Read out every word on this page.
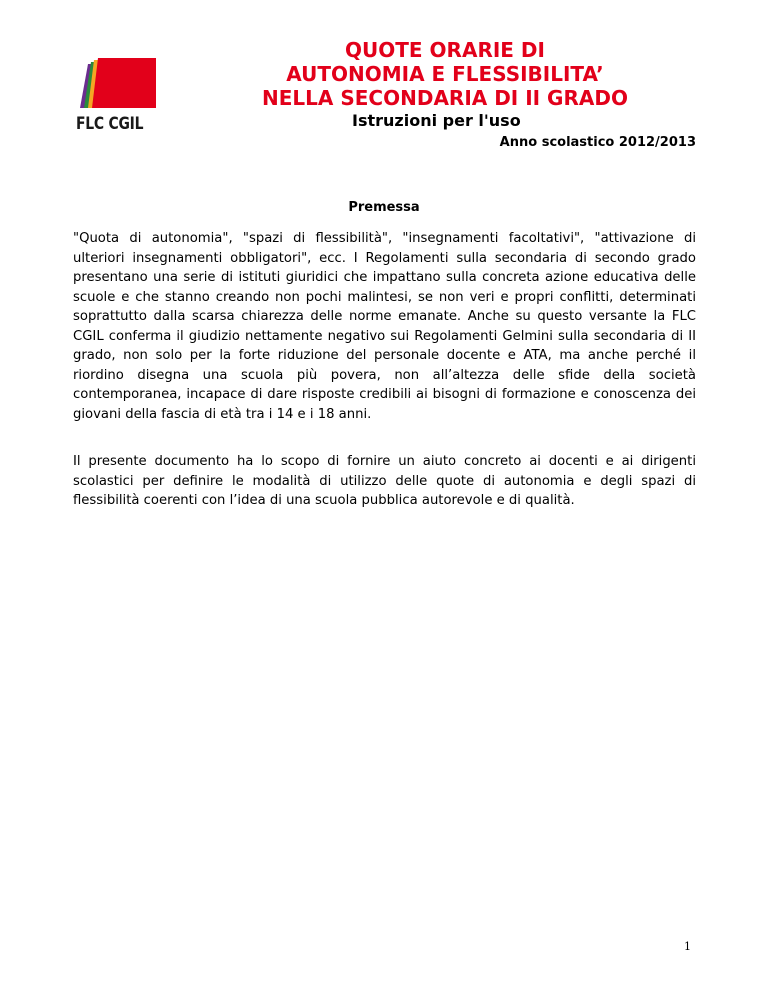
FLC CGIL
QUOTE ORARIE DI
AUTONOMIA E FLESSIBILITA’
NELLA SECONDARIA DI II GRADO
Istruzioni per l'uso
Anno scolastico 2012/2013
Premessa

"Quota di autonomia", "spazi di flessibilità", "insegnamenti facoltativi", "attivazione di ulteriori insegnamenti obbligatori", ecc. I Regolamenti sulla secondaria di secondo grado presentano una serie di istituti giuridici che impattano sulla concreta azione educativa delle scuole e che stanno creando non pochi malintesi, se non veri e propri conflitti, determinati soprattutto dalla scarsa chiarezza delle norme emanate. Anche su questo versante la FLC CGIL conferma il giudizio nettamente negativo sui Regolamenti Gelmini sulla secondaria di II grado, non solo per la forte riduzione del personale docente e ATA, ma anche perché il riordino disegna una scuola più povera, non all’altezza delle sfide della società contemporanea, incapace di dare risposte credibili ai bisogni di formazione e conoscenza dei giovani della fascia di età tra i 14 e i 18 anni.

Il presente documento ha lo scopo di fornire un aiuto concreto ai docenti e ai dirigenti scolastici per definire le modalità di utilizzo delle quote di autonomia e degli spazi di flessibilità coerenti con l’idea di una scuola pubblica autorevole e di qualità.

1
